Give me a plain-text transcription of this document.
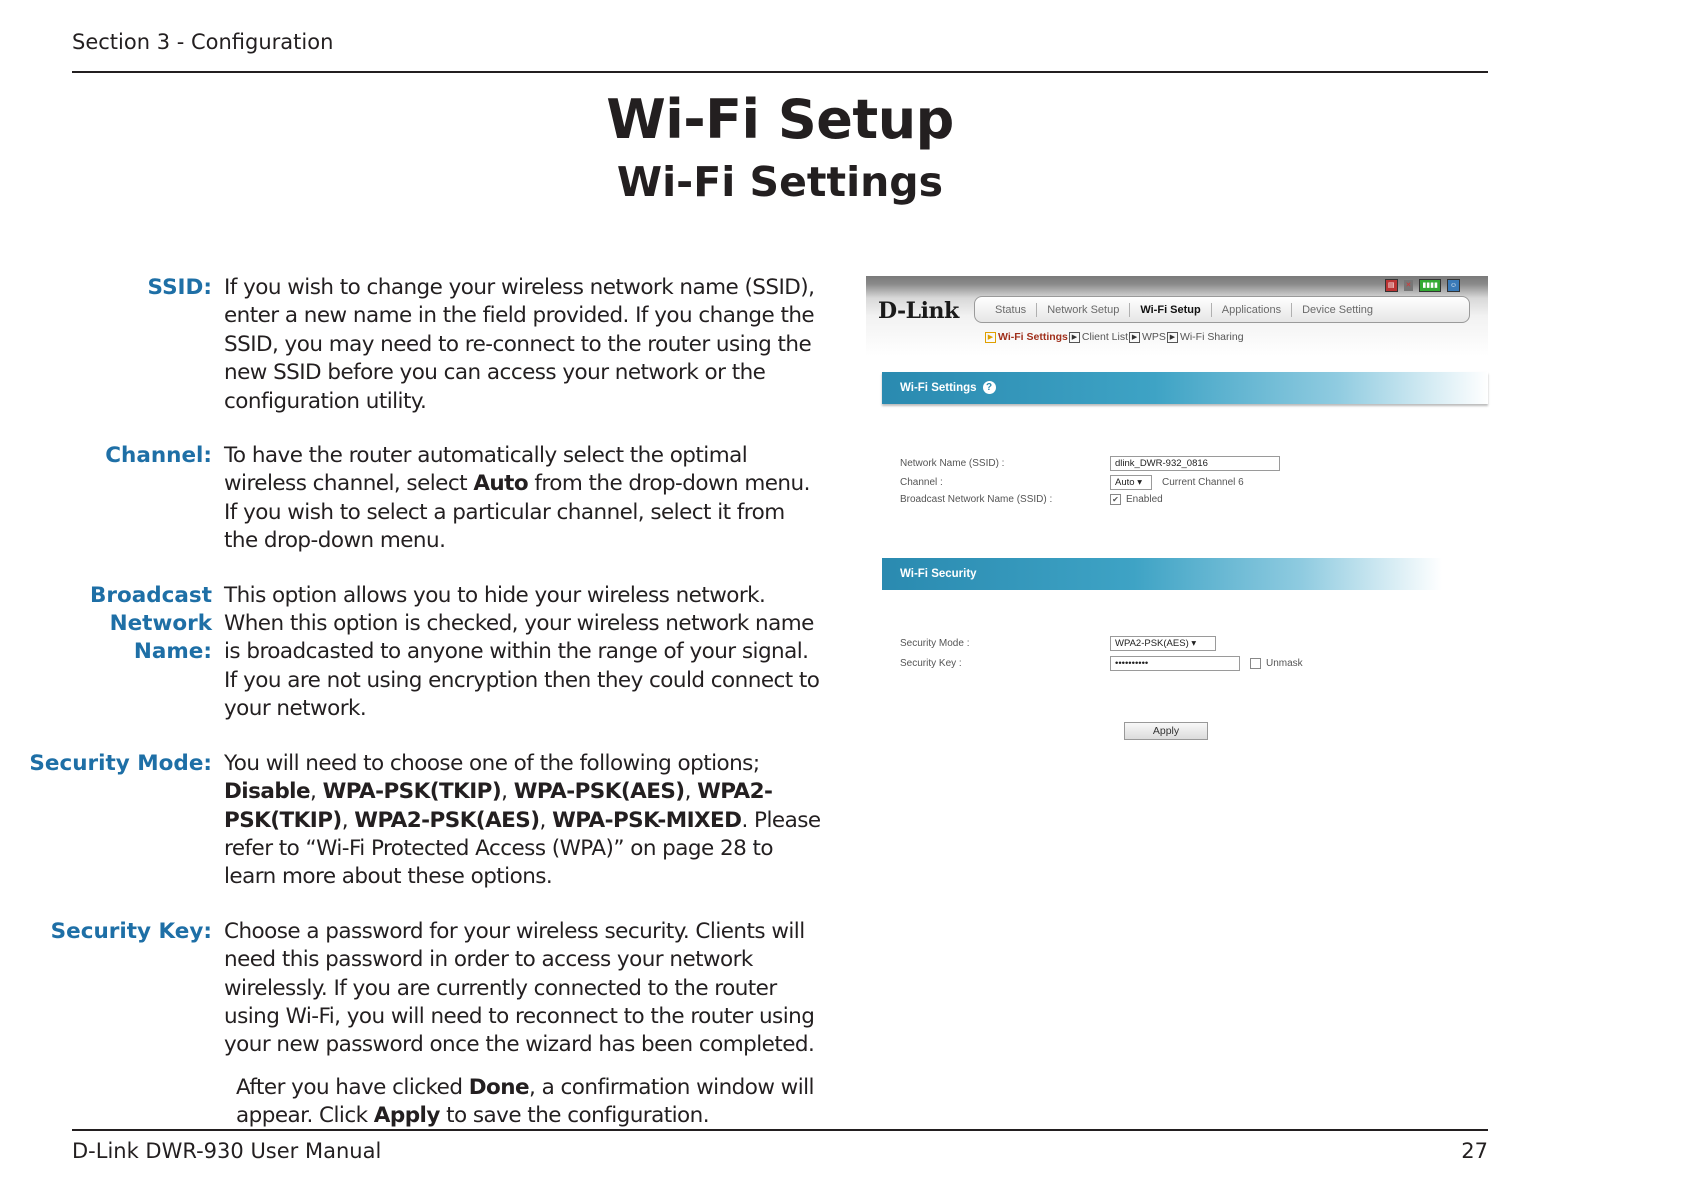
Section 3 - Configuration
Wi-Fi Setup
Wi-Fi Settings
SSID: If you wish to change your wireless network name (SSID), enter a new name in the field provided. If you change the SSID, you may need to re-connect to the router using the new SSID before you can access your network or the configuration utility.
Channel: To have the router automatically select the optimal wireless channel, select Auto from the drop-down menu. If you wish to select a particular channel, select it from the drop-down menu.
Broadcast Network
Name:
This option allows you to hide your wireless network. When this option is checked, your wireless network name is broadcasted to anyone within the range of your signal. If you are not using encryption then they could connect to your network.
Security Mode: You will need to choose one of the following options; Disable, WPA-PSK(TKIP), WPA-PSK(AES), WPA2-PSK(TKIP), WPA2-PSK(AES), WPA-PSK-MIXED. Please refer to “Wi-Fi Protected Access (WPA)” on page 28 to learn more about these options.
Security Key: Choose a password for your wireless security. Clients will need this password in order to access your network wirelessly. If you are currently connected to the router using Wi-Fi, you will need to reconnect to the router using your new password once the wizard has been completed.
After you have clicked Done, a confirmation window will appear. Click Apply to save the configuration.
▤	✕	▮▮▮▮	☺
D-Link	Status	Network Setup	Wi-Fi Setup	Applications	Device Setting
▶ Wi-Fi Settings ▶ Client List ▶ WPS ▶ Wi-Fi Sharing
Wi-Fi Settings ?
Network Name (SSID) :	dlink_DWR-932_0816
Channel :	Auto ▾	Current Channel 6
Broadcast Network Name (SSID) :	✔ Enabled
Wi-Fi Security
Security Mode :	WPA2-PSK(AES) ▾
Security Key :	••••••••••	Unmask
Apply
D-Link DWR-930 User Manual	27
